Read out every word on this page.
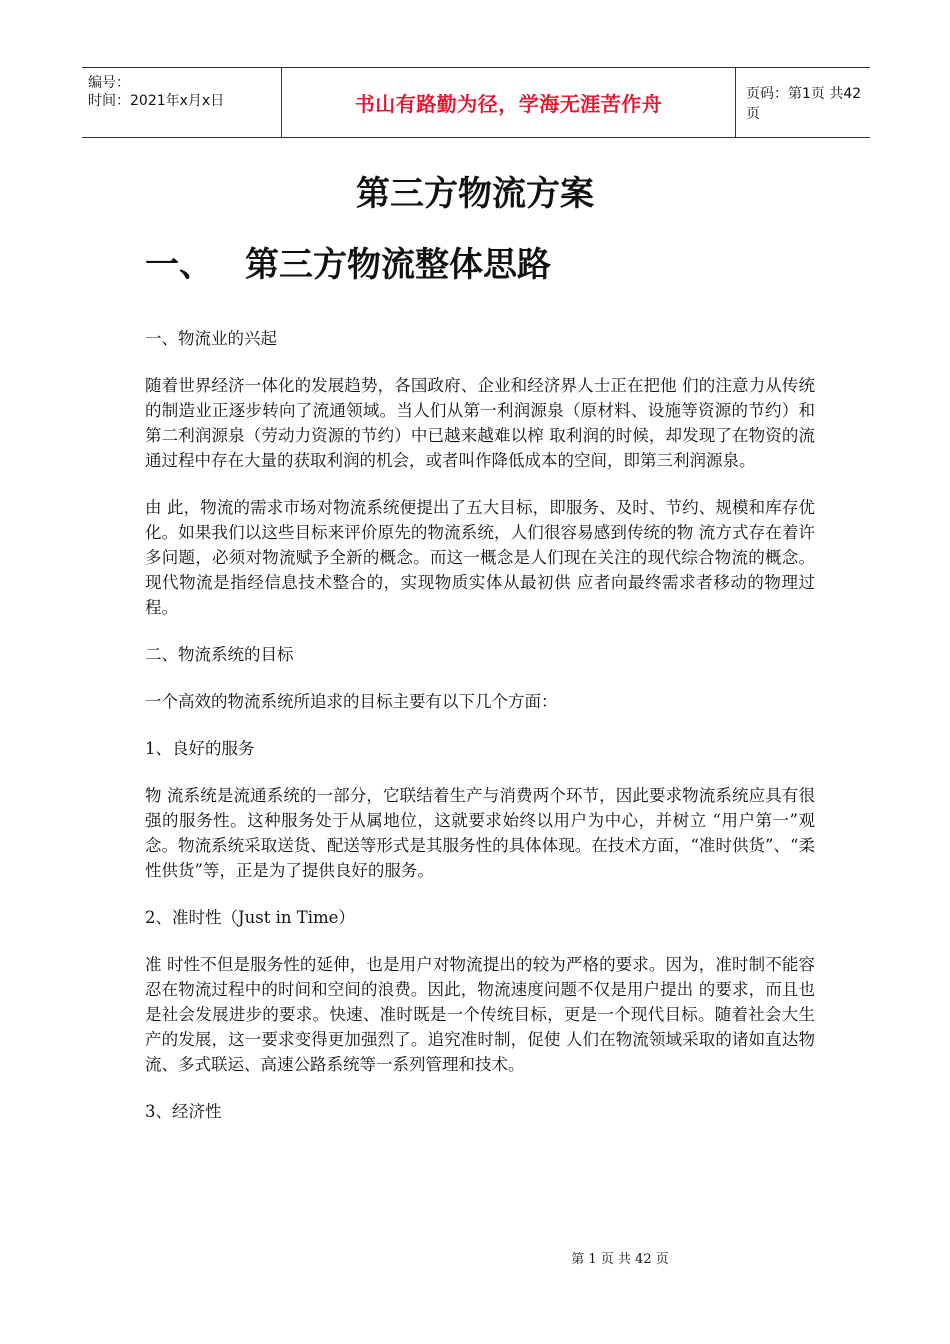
编号：
时间：2021年x月x日	书山有路勤为径，学海无涯苦作舟	页码：第1页 共42页
第三方物流方案
一、 第三方物流整体思路

一、物流业的兴起

随着世界经济一体化的发展趋势，各国政府、企业和经济界人士正在把他 们的注意力从传统的制造业正逐步转向了流通领域。当人们从第一利润源泉（原材料、设施等资源的节约）和第二利润源泉（劳动力资源的节约）中已越来越难以榨 取利润的时候，却发现了在物资的流通过程中存在大量的获取利润的机会，或者叫作降低成本的空间，即第三利润源泉。

由 此，物流的需求市场对物流系统便提出了五大目标，即服务、及时、节约、规模和库存优化。如果我们以这些目标来评价原先的物流系统，人们很容易感到传统的物 流方式存在着许多问题，必须对物流赋予全新的概念。而这一概念是人们现在关注的现代综合物流的概念。现代物流是指经信息技术整合的，实现物质实体从最初供 应者向最终需求者移动的物理过程。

二、物流系统的目标

一个高效的物流系统所追求的目标主要有以下几个方面：

1、良好的服务

物 流系统是流通系统的一部分，它联结着生产与消费两个环节，因此要求物流系统应具有很强的服务性。这种服务处于从属地位，这就要求始终以用户为中心，并树立 “用户第一”观念。物流系统采取送货、配送等形式是其服务性的具体体现。在技术方面，“准时供货”、“柔性供货”等，正是为了提供良好的服务。

2、准时性（Just in Time）

准 时性不但是服务性的延伸，也是用户对物流提出的较为严格的要求。因为，准时制不能容忍在物流过程中的时间和空间的浪费。因此，物流速度问题不仅是用户提出 的要求，而且也是社会发展进步的要求。快速、准时既是一个传统目标，更是一个现代目标。随着社会大生产的发展，这一要求变得更加强烈了。追究准时制，促使 人们在物流领域采取的诸如直达物流、多式联运、高速公路系统等一系列管理和技术。

3、经济性

第 1 页 共 42 页
